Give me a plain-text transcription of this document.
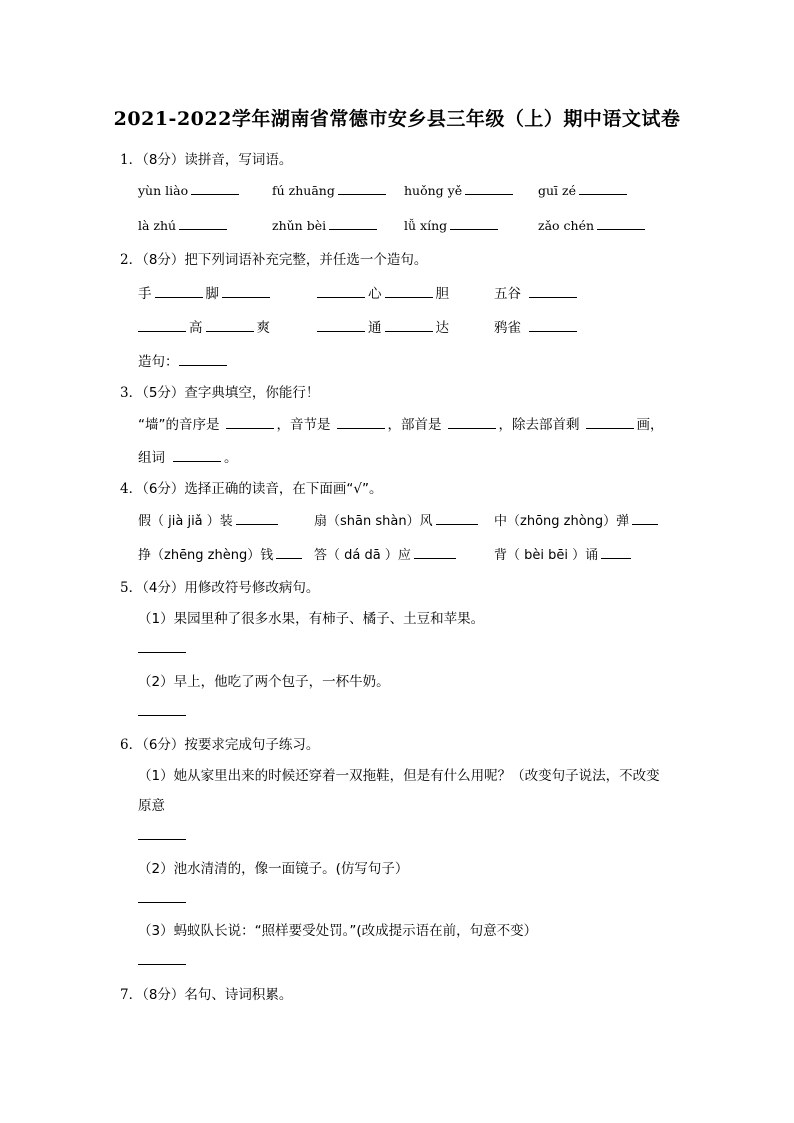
2021-2022学年湖南省常德市安乡县三年级（上）期中语文试卷
1．（8分）读拼音，写词语。
yùn liào	fú zhuāng	huǒng yě	guī zé
là zhú	zhǔn bèi	lǚ xíng	zǎo chén
2．（8分）把下列词语补充完整，并任选一个造句。
手	脚	心	胆	五谷
高	爽	通	达	鸦雀
造句：
3．（5分）查字典填空，你能行！
“墙”的音序是	，音节是	，部首是	，除去部首剩	画，
组词	。
4．（6分）选择正确的读音，在下面画“√”。
假（ jià jiǎ ）装	扇（shān shàn）风	中（zhōng zhòng）弹
挣（zhēng zhèng）钱	答（ dá dā ）应	背（ bèi bēi ）诵
5．（4分）用修改符号修改病句。
（1）果园里种了很多水果，有柿子、橘子、土豆和苹果。
（2）早上，他吃了两个包子，一杯牛奶。
6．（6分）按要求完成句子练习。
（1）她从家里出来的时候还穿着一双拖鞋，但是有什么用呢？（改变句子说法，不改变
原意
（2）池水清清的，像一面镜子。(仿写句子）
（3）蚂蚁队长说：“照样要受处罚。”(改成提示语在前，句意不变）
7．（8分）名句、诗词积累。
